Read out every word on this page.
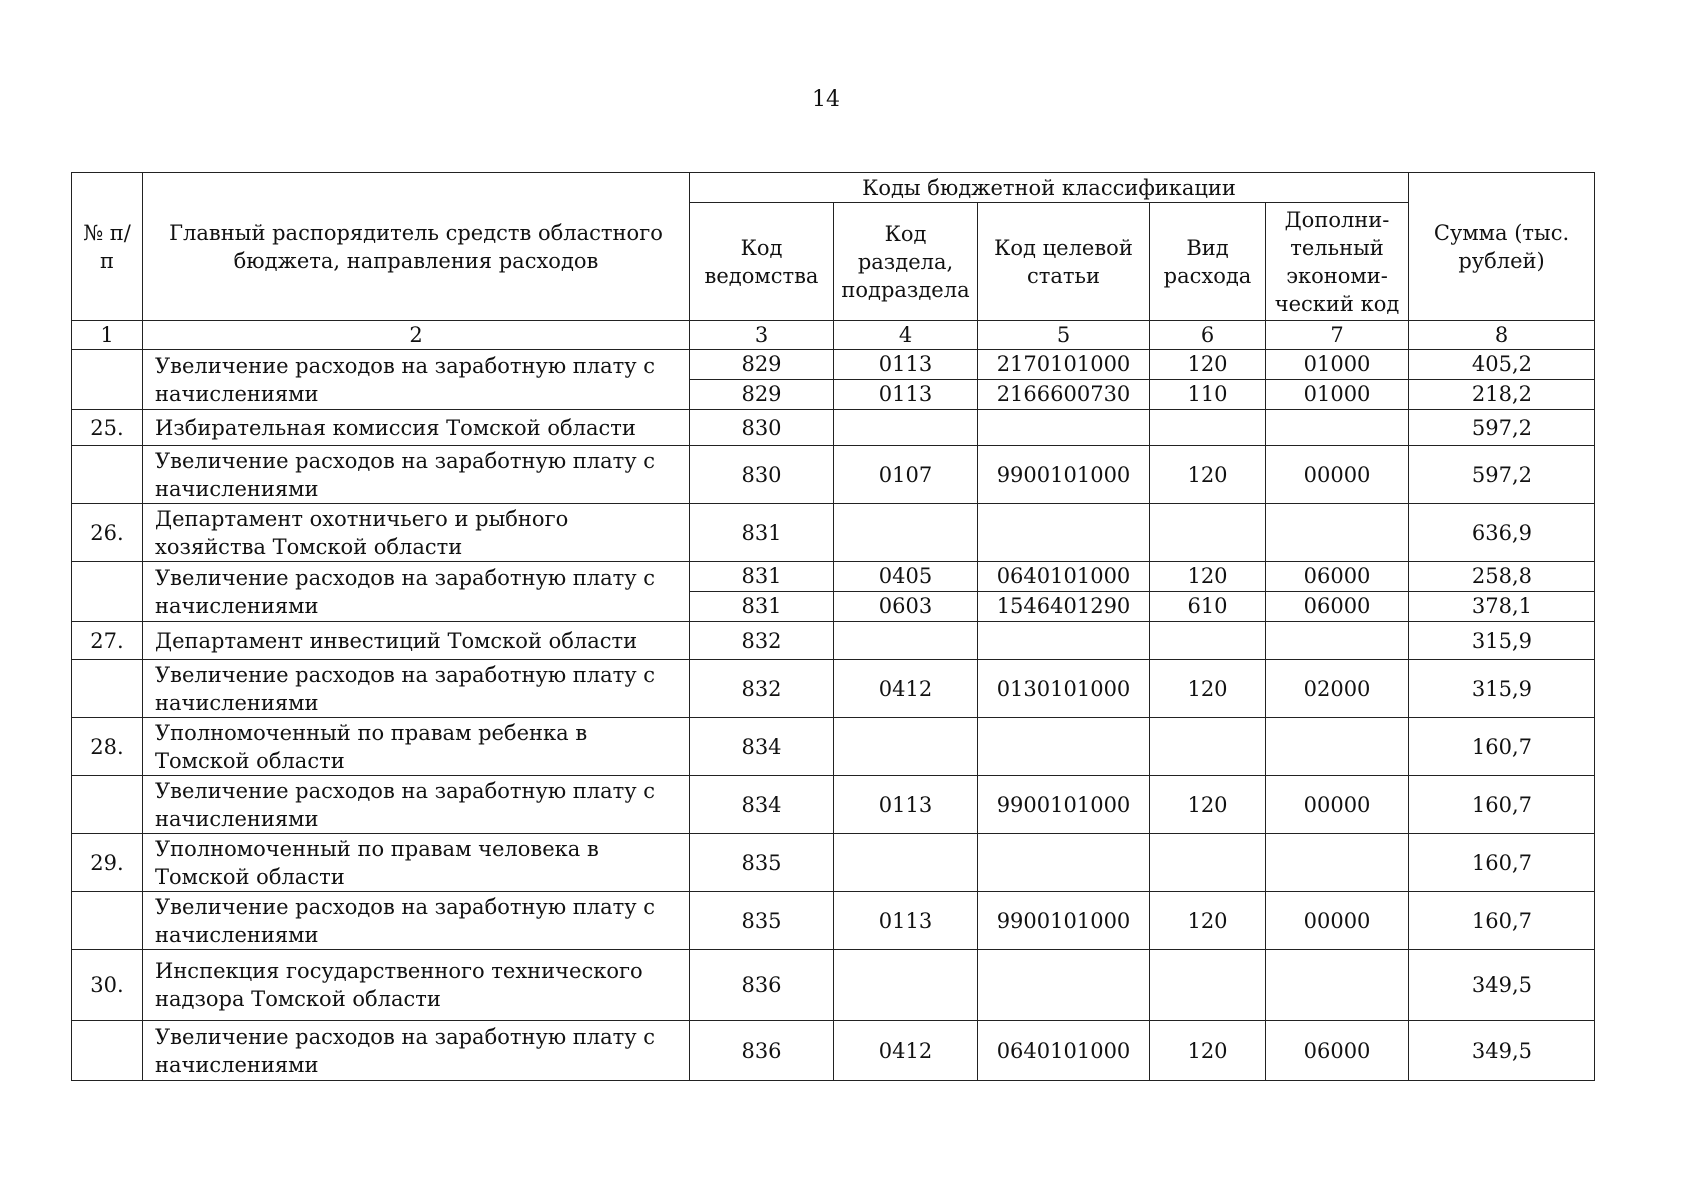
14
№ п/п	Главный распорядитель средств областного бюджета, направления расходов	Коды бюджетной классификации					Сумма (тыс. рублей)
		Код ведомства	Код раздела, подраздела	Код целевой статьи	Вид расхода	Дополни-тельный экономи-ческий код	
1	2	3	4	5	6	7	8
	Увеличение расходов на заработную плату с начислениями	829	0113	2170101000	120	01000	405,2
		829	0113	2166600730	110	01000	218,2
25.	Избирательная комиссия Томской области	830					597,2
	Увеличение расходов на заработную плату с начислениями	830	0107	9900101000	120	00000	597,2
26.	Департамент охотничьего и рыбного хозяйства Томской области	831					636,9
	Увеличение расходов на заработную плату с начислениями	831	0405	0640101000	120	06000	258,8
		831	0603	1546401290	610	06000	378,1
27.	Департамент инвестиций Томской области	832					315,9
	Увеличение расходов на заработную плату с начислениями	832	0412	0130101000	120	02000	315,9
28.	Уполномоченный по правам ребенка в Томской области	834					160,7
	Увеличение расходов на заработную плату с начислениями	834	0113	9900101000	120	00000	160,7
29.	Уполномоченный по правам человека в Томской области	835					160,7
	Увеличение расходов на заработную плату с начислениями	835	0113	9900101000	120	00000	160,7
30.	Инспекция государственного технического надзора Томской области	836					349,5
	Увеличение расходов на заработную плату с начислениями	836	0412	0640101000	120	06000	349,5
